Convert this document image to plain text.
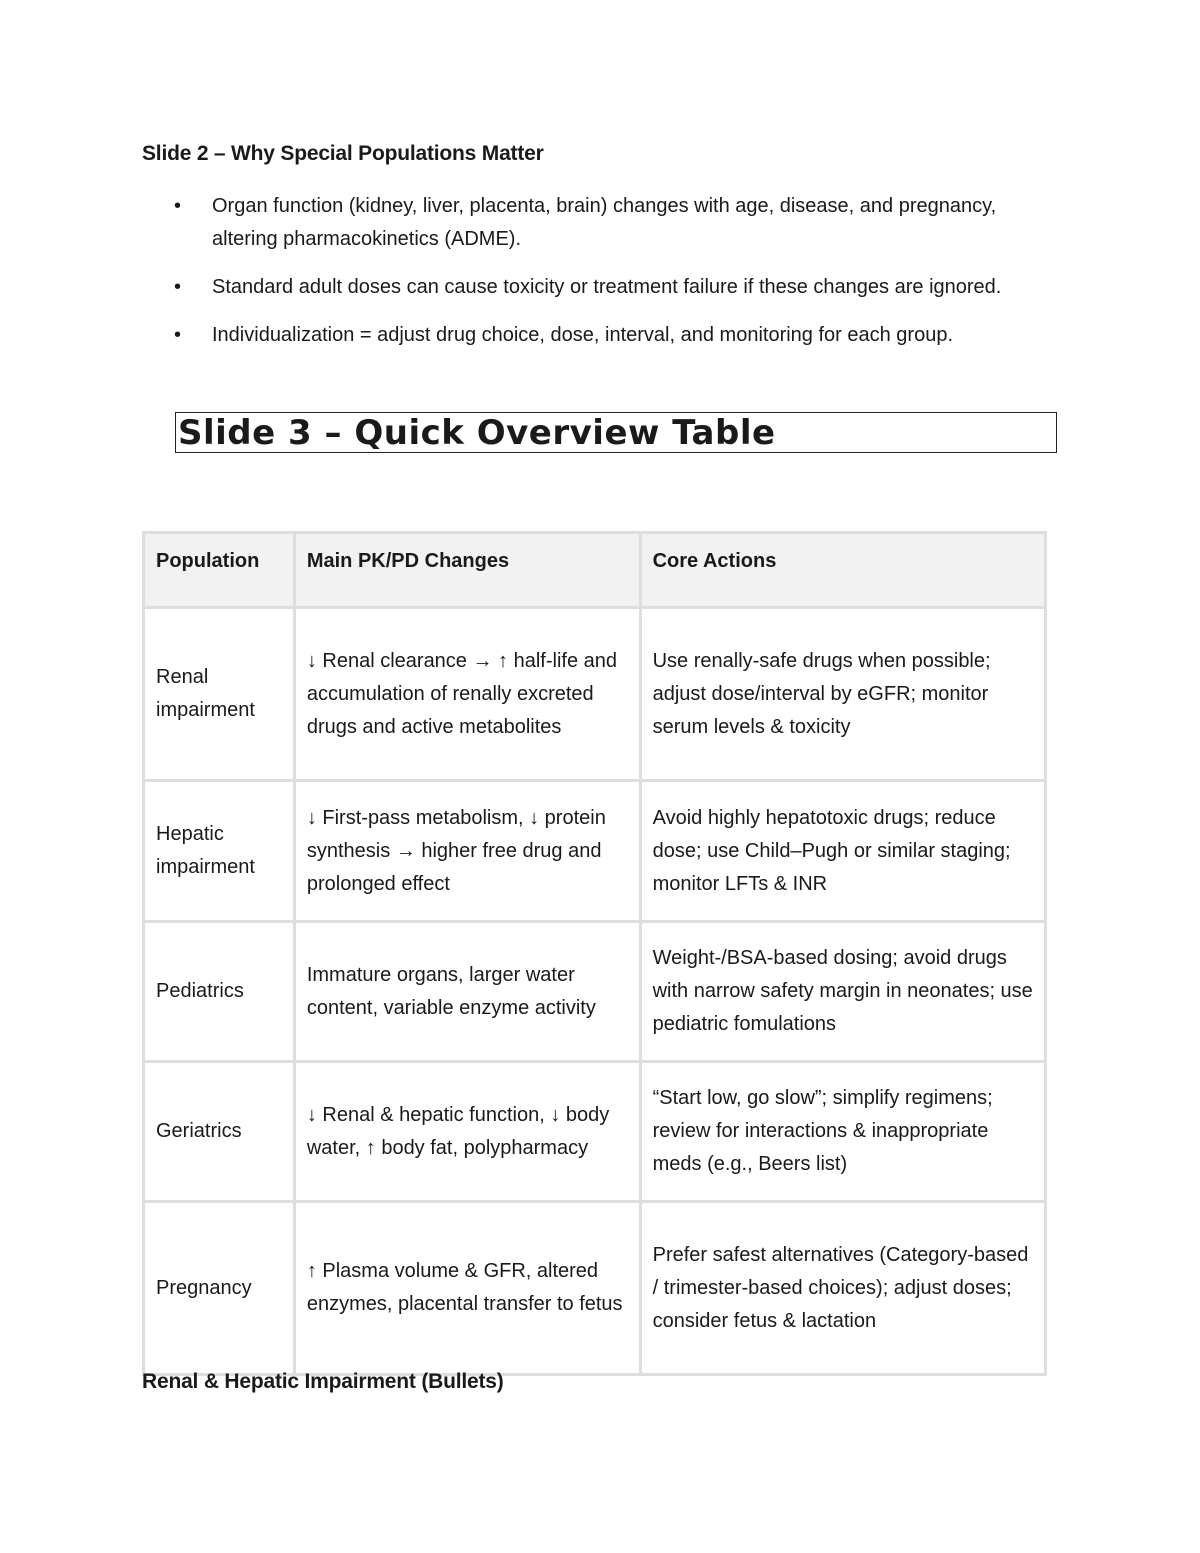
Slide 2 – Why Special Populations Matter
• Organ function (kidney, liver, placenta, brain) changes with age, disease, and pregnancy, altering pharmacokinetics (ADME).
• Standard adult doses can cause toxicity or treatment failure if these changes are ignored.
• Individualization = adjust drug choice, dose, interval, and monitoring for each group.
Slide 3 – Quick Overview Table
Population	Main PK/PD Changes	Core Actions
Renal impairment	↓ Renal clearance → ↑ half-life and accumulation of renally excreted drugs and active metabolites	Use renally-safe drugs when possible; adjust dose/interval by eGFR; monitor serum levels & toxicity
Hepatic impairment	↓ First-pass metabolism, ↓ protein synthesis → higher free drug and prolonged effect	Avoid highly hepatotoxic drugs; reduce dose; use Child–Pugh or similar staging; monitor LFTs & INR
Pediatrics	Immature organs, larger water content, variable enzyme activity	Weight-/BSA-based dosing; avoid drugs with narrow safety margin in neonates; use pediatric fomulations
Geriatrics	↓ Renal & hepatic function, ↓ body water, ↑ body fat, polypharmacy	“Start low, go slow”; simplify regimens; review for interactions & inappropriate meds (e.g., Beers list)
Pregnancy	↑ Plasma volume & GFR, altered enzymes, placental transfer to fetus	Prefer safest alternatives (Category-based / trimester-based choices); adjust doses; consider fetus & lactation
Renal & Hepatic Impairment (Bullets)
